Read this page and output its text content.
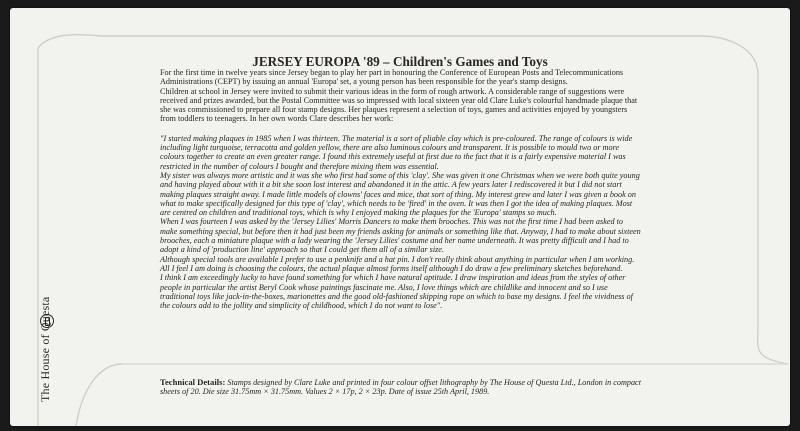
The House of Questa
JERSEY EUROPA '89 – Children's Games and Toys

For the first time in twelve years since Jersey began to play her part in honouring the Conference of European Posts and Telecommunications Administrations (CEPT) by issuing an annual 'Europa' set, a young person has been responsible for the year's stamp designs.

Children at school in Jersey were invited to submit their various ideas in the form of rough artwork. A considerable range of suggestions were received and prizes awarded, but the Postal Committee was so impressed with local sixteen year old Clare Luke's colourful handmade plaque that she was commissioned to prepare all four stamp designs. Her plaques represent a selection of toys, games and activities enjoyed by youngsters from toddlers to teenagers. In her own words Clare describes her work:

"I started making plaques in 1985 when I was thirteen. The material is a sort of pliable clay which is pre-coloured. The range of colours is wide including light turquoise, terracotta and golden yellow, there are also luminous colours and transparent. It is possible to mould two or more colours together to create an even greater range. I found this extremely useful at first due to the fact that it is a fairly expensive material I was restricted in the number of colours I bought and therefore mixing them was essential.

My sister was always more artistic and it was she who first had some of this 'clay'. She was given it one Christmas when we were both quite young and having played about with it a bit she soon lost interest and abandoned it in the attic. A few years later I rediscovered it but I did not start making plaques straight away. I made little models of clowns' faces and mice, that sort of thing. My interest grew and later I was given a book on what to make specifically designed for this type of 'clay', which needs to be 'fired' in the oven. It was then I got the idea of making plaques. Most are centred on children and traditional toys, which is why I enjoyed making the plaques for the 'Europa' stamps so much.

When I was fourteen I was asked by the 'Jersey Lilies' Morris Dancers to make them brooches. This was not the first time I had been asked to make something special, but before then it had just been my friends asking for animals or something like that. Anyway, I had to make about sixteen brooches, each a miniature plaque with a lady wearing the 'Jersey Lilies' costume and her name underneath. It was pretty difficult and I had to adopt a kind of 'production line' approach so that I could get them all of a similar size.

Although special tools are available I prefer to use a penknife and a hat pin. I don't really think about anything in particular when I am working. All I feel I am doing is choosing the colours, the actual plaque almost forms itself although I do draw a few preliminary sketches beforehand.

I think I am exceedingly lucky to have found something for which I have natural aptitude. I draw inspiration and ideas from the styles of other people in particular the artist Beryl Cook whose paintings fascinate me. Also, I love things which are childlike and innocent and so I use traditional toys like jack-in-the-boxes, marionettes and the good old-fashioned skipping rope on which to base my designs. I feel the vividness of the colours add to the jollity and simplicity of childhood, which I do not want to lose".

Technical Details: Stamps designed by Clare Luke and printed in four colour offset lithography by The House of Questa Ltd., London in compact sheets of 20. Die size 31.75mm × 31.75mm. Values 2 × 17p, 2 × 23p. Date of issue 25th April, 1989.
